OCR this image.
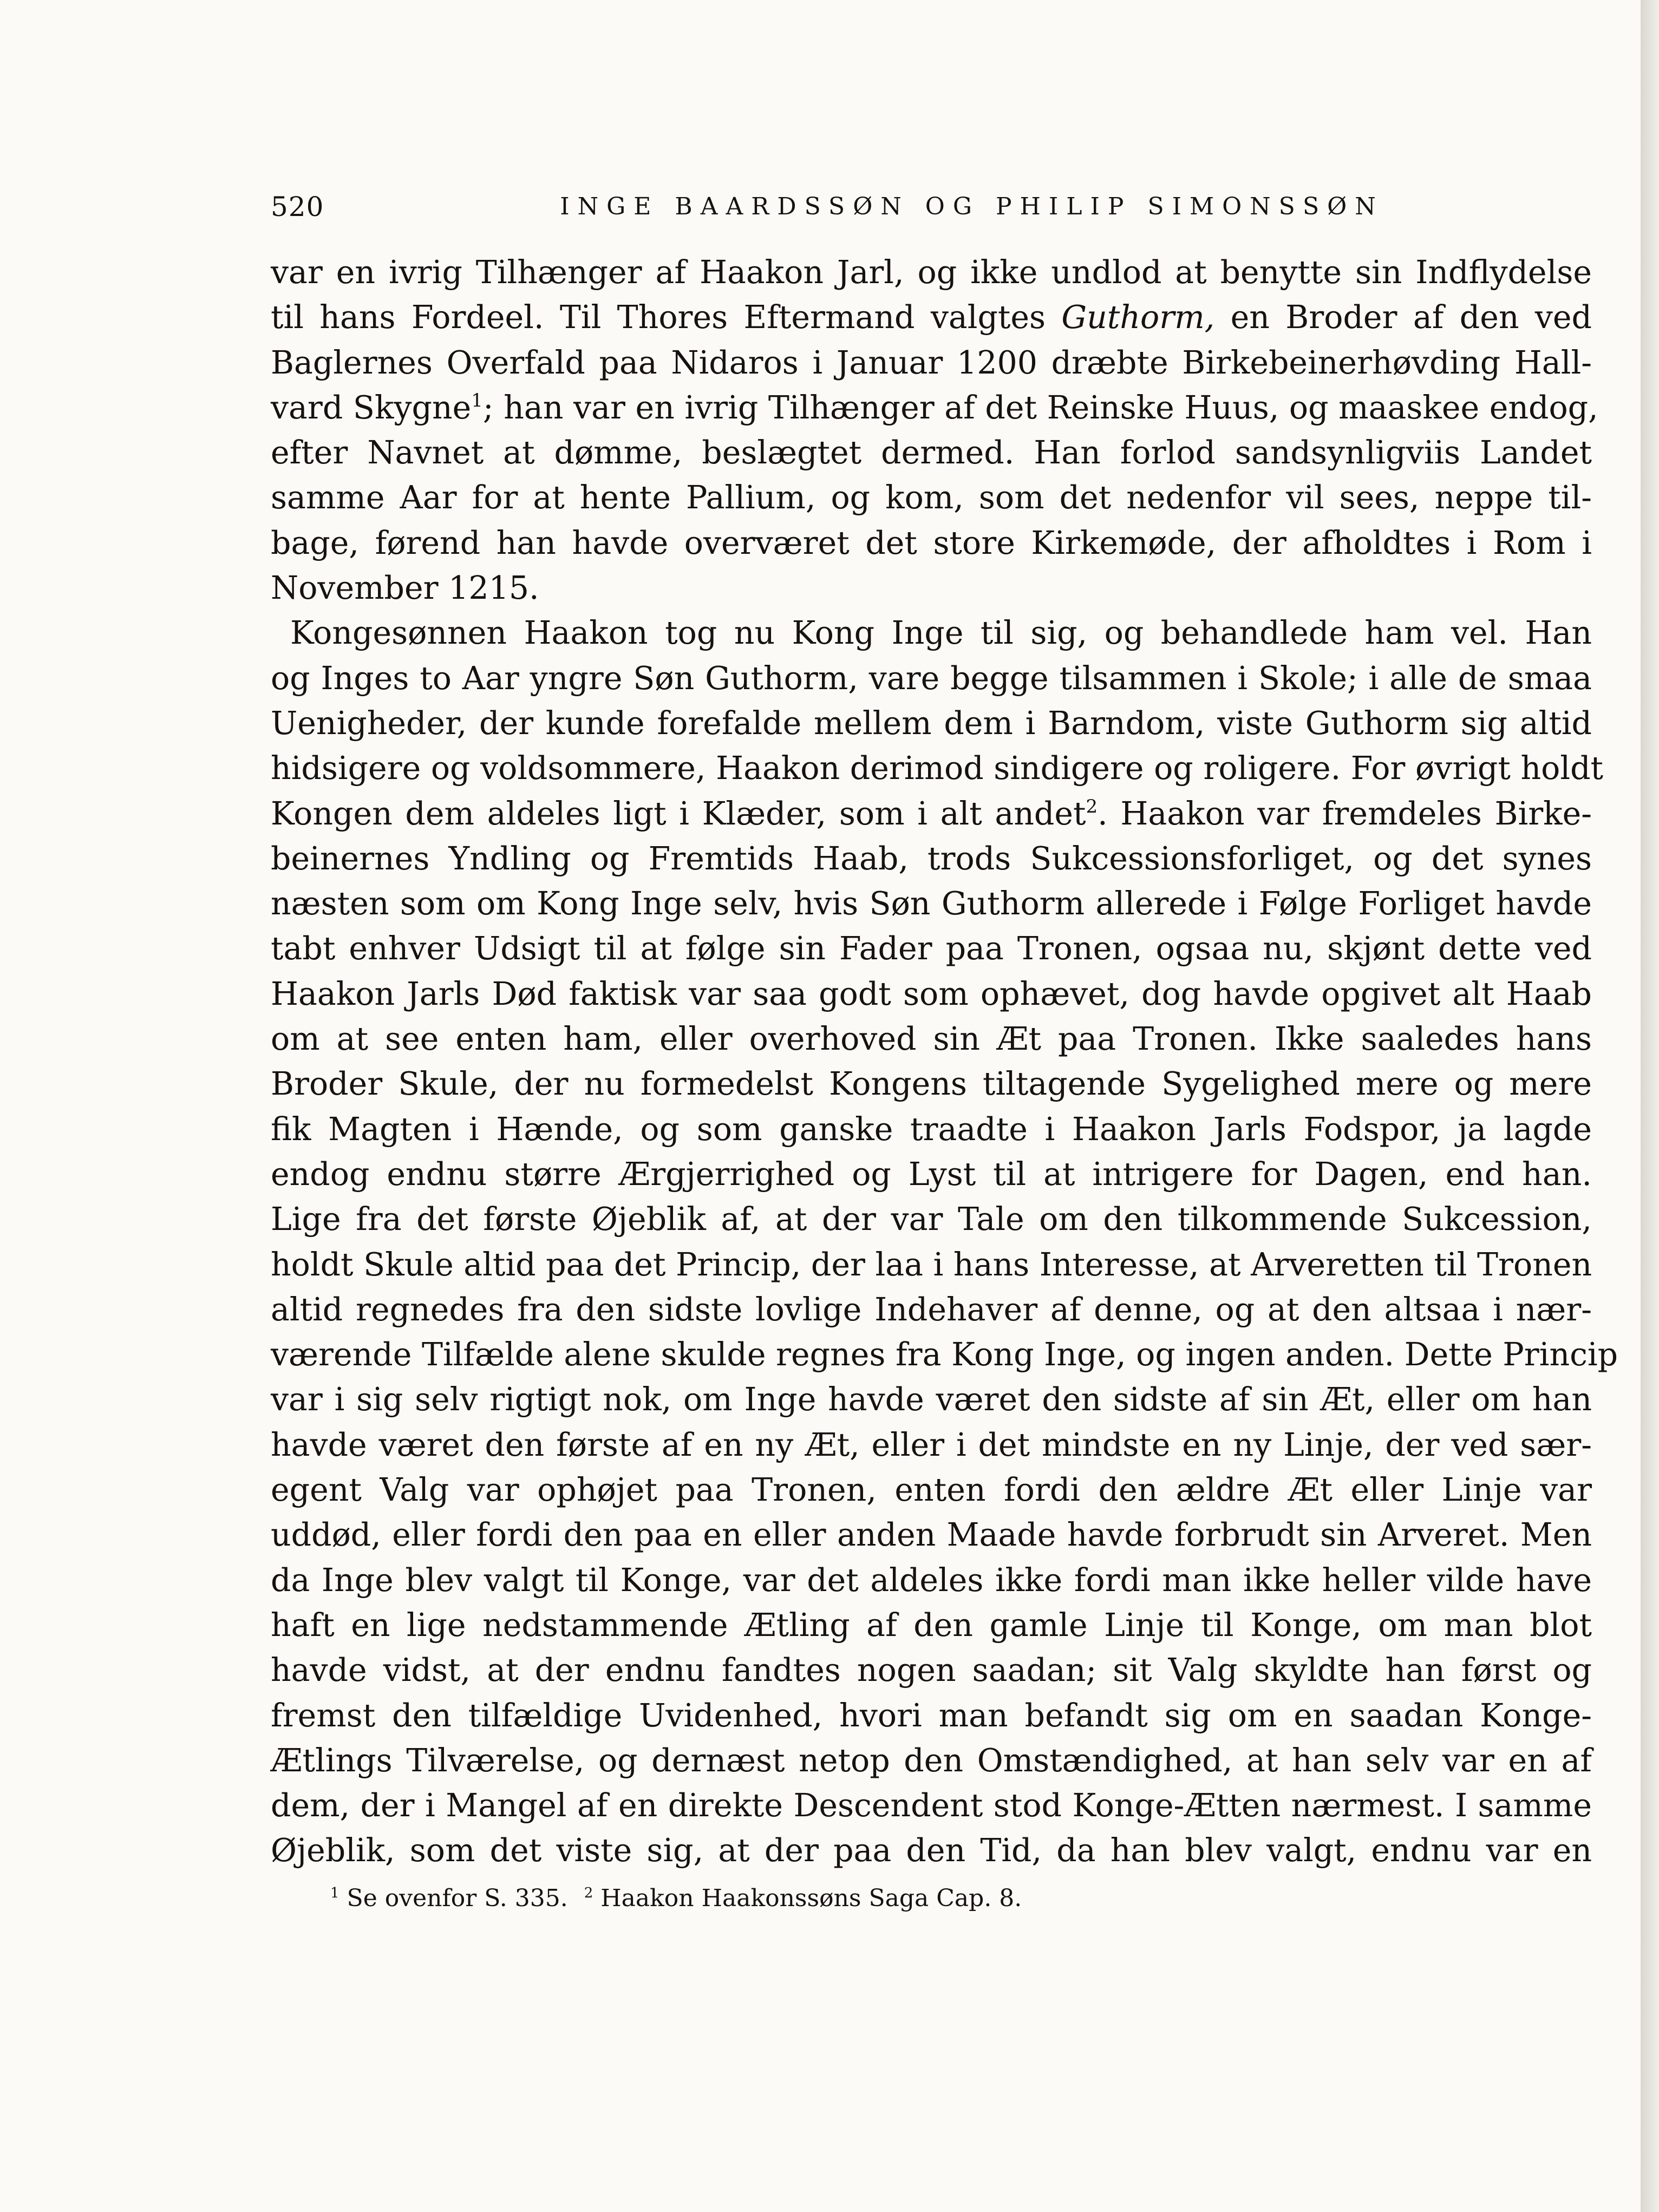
520	INGE BAARDSSØN OG PHILIP SIMONSSØN
var en ivrig Tilhænger af Haakon Jarl, og ikke undlod at benytte sin Indflydelse
til hans Fordeel. Til Thores Eftermand valgtes Guthorm, en Broder af den ved
Baglernes Overfald paa Nidaros i Januar 1200 dræbte Birkebeinerhøvding Hall-
vard Skygne$^1$; han var en ivrig Tilhænger af det Reinske Huus, og maaskee endog,
efter Navnet at dømme, beslægtet dermed. Han forlod sandsynligviis Landet
samme Aar for at hente Pallium, og kom, som det nedenfor vil sees, neppe til-
bage, førend han havde overværet det store Kirkemøde, der afholdtes i Rom i
November 1215.
Kongesønnen Haakon tog nu Kong Inge til sig, og behandlede ham vel. Han
og Inges to Aar yngre Søn Guthorm, vare begge tilsammen i Skole; i alle de smaa
Uenigheder, der kunde forefalde mellem dem i Barndom, viste Guthorm sig altid
hidsigere og voldsommere, Haakon derimod sindigere og roligere. For øvrigt holdt
Kongen dem aldeles ligt i Klæder, som i alt andet$^2$. Haakon var fremdeles Birke-
beinernes Yndling og Fremtids Haab, trods Sukcessionsforliget, og det synes
næsten som om Kong Inge selv, hvis Søn Guthorm allerede i Følge Forliget havde
tabt enhver Udsigt til at følge sin Fader paa Tronen, ogsaa nu, skjønt dette ved
Haakon Jarls Død faktisk var saa godt som ophævet, dog havde opgivet alt Haab
om at see enten ham, eller overhoved sin Æt paa Tronen. Ikke saaledes hans
Broder Skule, der nu formedelst Kongens tiltagende Sygelighed mere og mere
fik Magten i Hænde, og som ganske traadte i Haakon Jarls Fodspor, ja lagde
endog endnu større Ærgjerrighed og Lyst til at intrigere for Dagen, end han.
Lige fra det første Øjeblik af, at der var Tale om den tilkommende Sukcession,
holdt Skule altid paa det Princip, der laa i hans Interesse, at Arveretten til Tronen
altid regnedes fra den sidste lovlige Indehaver af denne, og at den altsaa i nær-
værende Tilfælde alene skulde regnes fra Kong Inge, og ingen anden. Dette Princip
var i sig selv rigtigt nok, om Inge havde været den sidste af sin Æt, eller om han
havde været den første af en ny Æt, eller i det mindste en ny Linje, der ved sær-
egent Valg var ophøjet paa Tronen, enten fordi den ældre Æt eller Linje var
uddød, eller fordi den paa en eller anden Maade havde forbrudt sin Arveret. Men
da Inge blev valgt til Konge, var det aldeles ikke fordi man ikke heller vilde have
haft en lige nedstammende Ætling af den gamle Linje til Konge, om man blot
havde vidst, at der endnu fandtes nogen saadan; sit Valg skyldte han først og
fremst den tilfældige Uvidenhed, hvori man befandt sig om en saadan Konge-
Ætlings Tilværelse, og dernæst netop den Omstændighed, at han selv var en af
dem, der i Mangel af en direkte Descendent stod Konge-Ætten nærmest. I samme
Øjeblik, som det viste sig, at der paa den Tid, da han blev valgt, endnu var en
$^1$ Se ovenfor S. 335. $^2$ Haakon Haakonssøns Saga Cap. 8.
